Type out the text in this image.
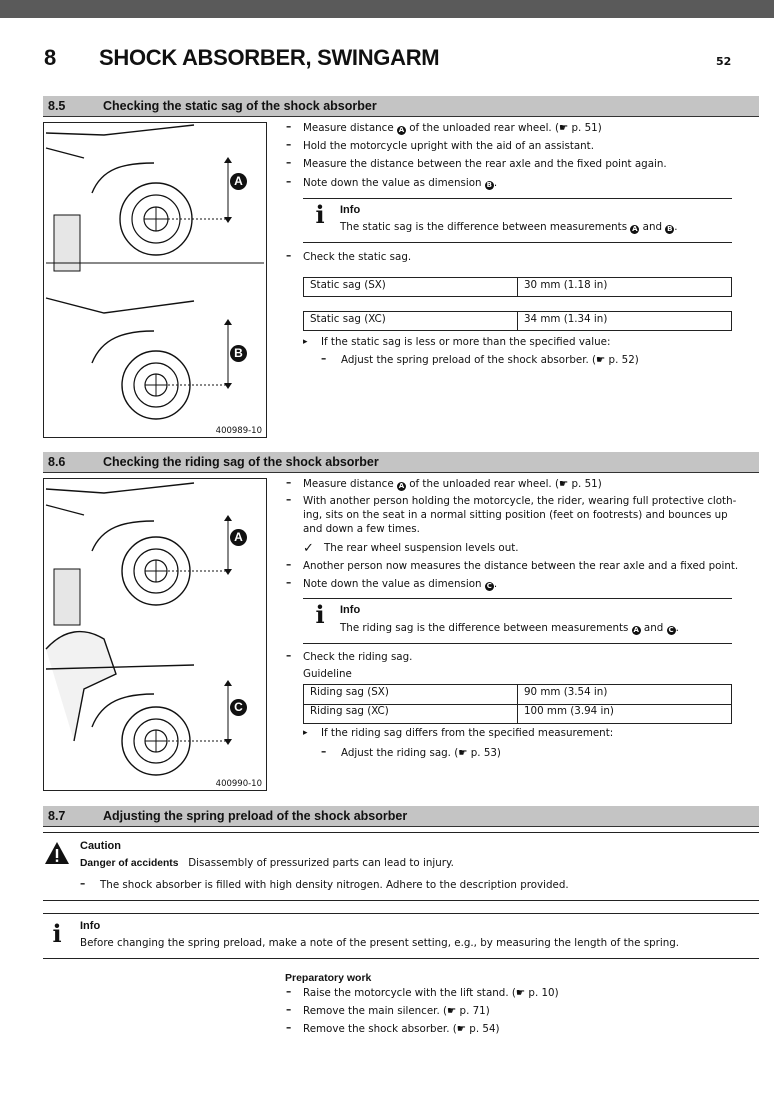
8 SHOCK ABSORBER, SWINGARM	52
8.5	Checking the static sag of the shock absorber
A
B
400989-10
– Measure distance A of the unloaded rear wheel. (☛ p. 51)
– Hold the motorcycle upright with the aid of an assistant.
– Measure the distance between the rear axle and the fixed point again.
– Note down the value as dimension B .
i Info
The static sag is the difference between measurements A and B .
– Check the static sag.
Static sag (SX)	30 mm (1.18 in)
Static sag (XC)	34 mm (1.34 in)
▸ If the static sag is less or more than the specified value:
– Adjust the spring preload of the shock absorber. (☛ p. 52)
8.6	Checking the riding sag of the shock absorber
A
C
400990-10
– Measure distance A of the unloaded rear wheel. (☛ p. 51)
– With another person holding the motorcycle, the rider, wearing full protective cloth-
ing, sits on the seat in a normal sitting position (feet on footrests) and bounces up
and down a few times.
✓ The rear wheel suspension levels out.
– Another person now measures the distance between the rear axle and a fixed point.
– Note down the value as dimension C .
i Info
The riding sag is the difference between measurements A and C .
– Check the riding sag.
Guideline
Riding sag (SX)	90 mm (3.54 in)
Riding sag (XC)	100 mm (3.94 in)
▸ If the riding sag differs from the specified measurement:
– Adjust the riding sag. (☛ p. 53)
8.7	Adjusting the spring preload of the shock absorber
Caution
Danger of accidents Disassembly of pressurized parts can lead to injury.
– The shock absorber is filled with high density nitrogen. Adhere to the description provided.
i Info
Before changing the spring preload, make a note of the present setting, e.g., by measuring the length of the spring.
Preparatory work
– Raise the motorcycle with the lift stand. (☛ p. 10)
– Remove the main silencer. (☛ p. 71)
– Remove the shock absorber. (☛ p. 54)
